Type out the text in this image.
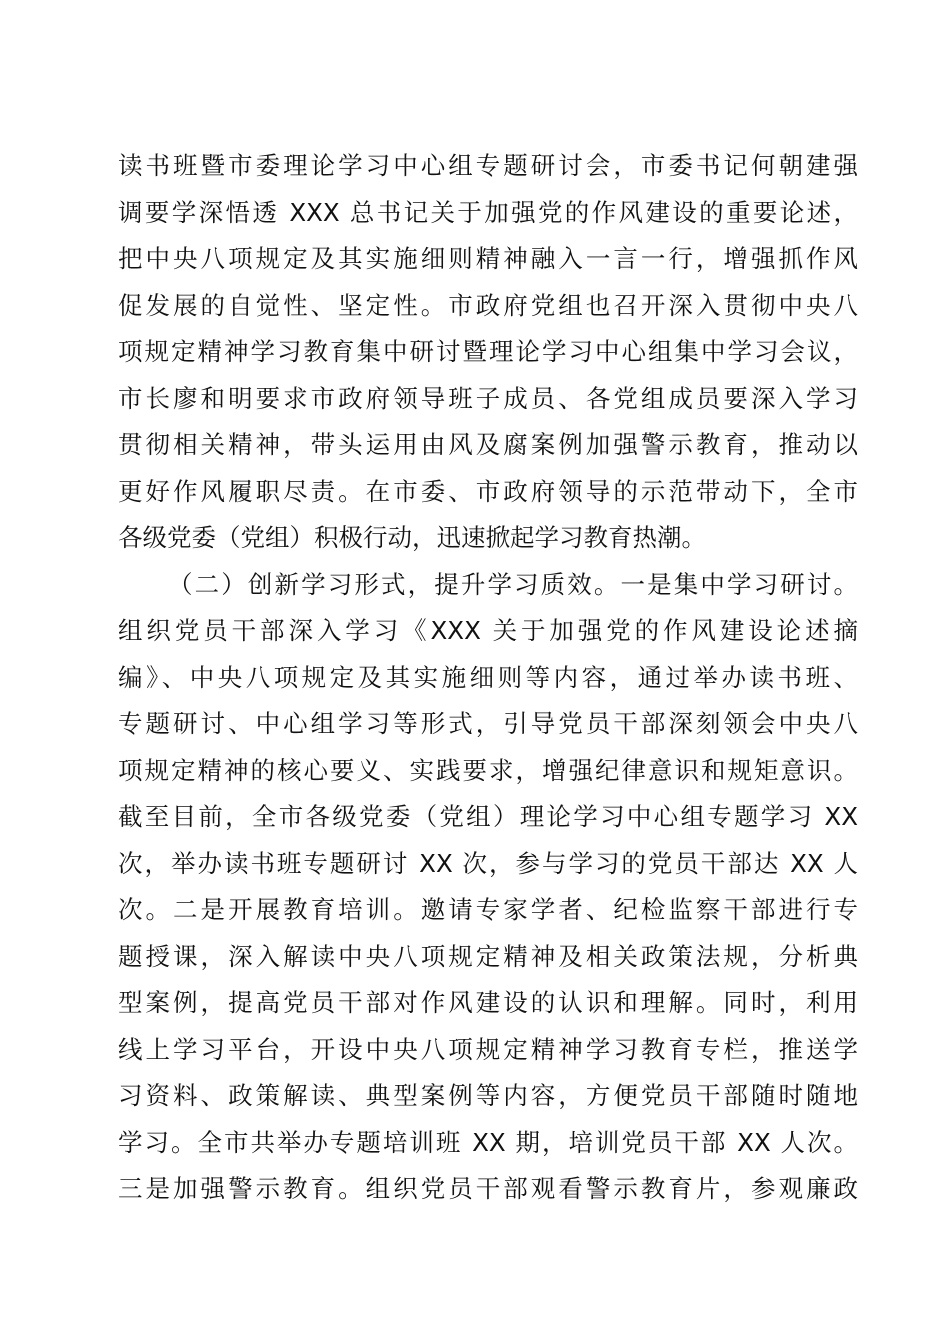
读书班暨市委理论学习中心组专题研讨会，市委书记何朝建强
调要学深悟透 XXX 总书记关于加强党的作风建设的重要论述，
把中央八项规定及其实施细则精神融入一言一行，增强抓作风
促发展的自觉性、坚定性。市政府党组也召开深入贯彻中央八
项规定精神学习教育集中研讨暨理论学习中心组集中学习会议，
市长廖和明要求市政府领导班子成员、各党组成员要深入学习
贯彻相关精神，带头运用由风及腐案例加强警示教育，推动以
更好作风履职尽责。在市委、市政府领导的示范带动下，全市
各级党委（党组）积极行动，迅速掀起学习教育热潮。
（二）创新学习形式，提升学习质效。一是集中学习研讨。
组织党员干部深入学习《XXX 关于加强党的作风建设论述摘
编》、中央八项规定及其实施细则等内容，通过举办读书班、
专题研讨、中心组学习等形式，引导党员干部深刻领会中央八
项规定精神的核心要义、实践要求，增强纪律意识和规矩意识。
截至目前，全市各级党委（党组）理论学习中心组专题学习 XX
次，举办读书班专题研讨 XX 次，参与学习的党员干部达 XX 人
次。二是开展教育培训。邀请专家学者、纪检监察干部进行专
题授课，深入解读中央八项规定精神及相关政策法规，分析典
型案例，提高党员干部对作风建设的认识和理解。同时，利用
线上学习平台，开设中央八项规定精神学习教育专栏，推送学
习资料、政策解读、典型案例等内容，方便党员干部随时随地
学习。全市共举办专题培训班 XX 期，培训党员干部 XX 人次。
三是加强警示教育。组织党员干部观看警示教育片，参观廉政
